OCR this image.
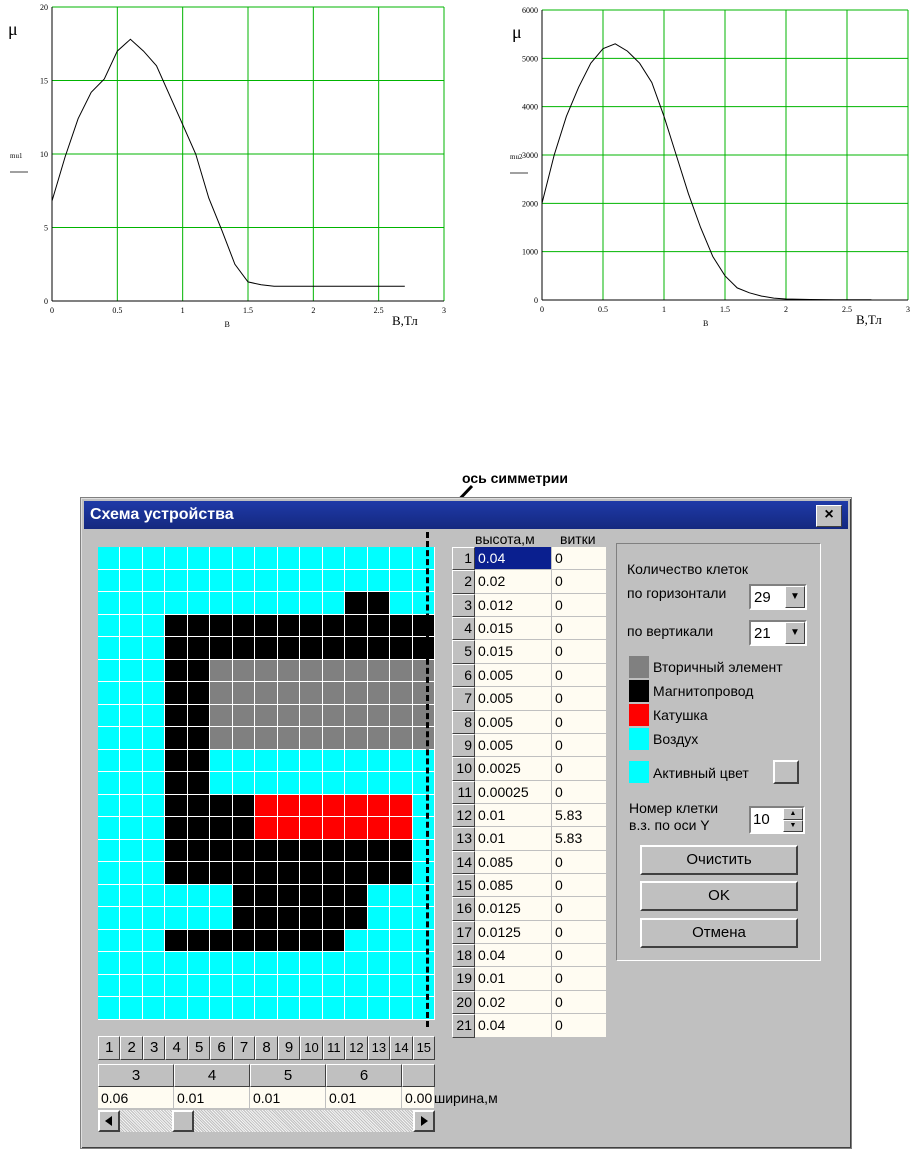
0	0.5	1	1.5	2	2.5	3
0
5
10
15
20
μ
mu1
B	B,Тл
0	0.5	1	1.5	2	2.5	3
0
1000
2000
3000
4000
5000
6000
μ
mu2
B	B,Тл
ось симметрии
Схема устройства	×
1 2 3 4 5 6 7 8 9 10 11 12 13 14 15
3	4	5	6
0.06	0.01	0.01	0.01	0.00 ширина,м
высота,м витки
1 0.04	0
2 0.02	0
3 0.012	0
4 0.015	0
5 0.015	0
6 0.005	0
7 0.005	0
8 0.005	0
9 0.005	0
10 0.0025	0
11 0.00025	0
12 0.01	5.83
13 0.01	5.83
14 0.085	0
15 0.085	0
16 0.0125	0
17 0.0125	0
18 0.04	0
19 0.01	0
20 0.02	0
21 0.04	0
Количество клеток
по горизонтали 29	▼
по вертикали	21	▼
Вторичный элемент
Магнитопровод
Катушка
Воздух
Активный цвет
Номер клетки
в.з. по оси Y	10	▲
▼
Очистить
OK
Отмена
